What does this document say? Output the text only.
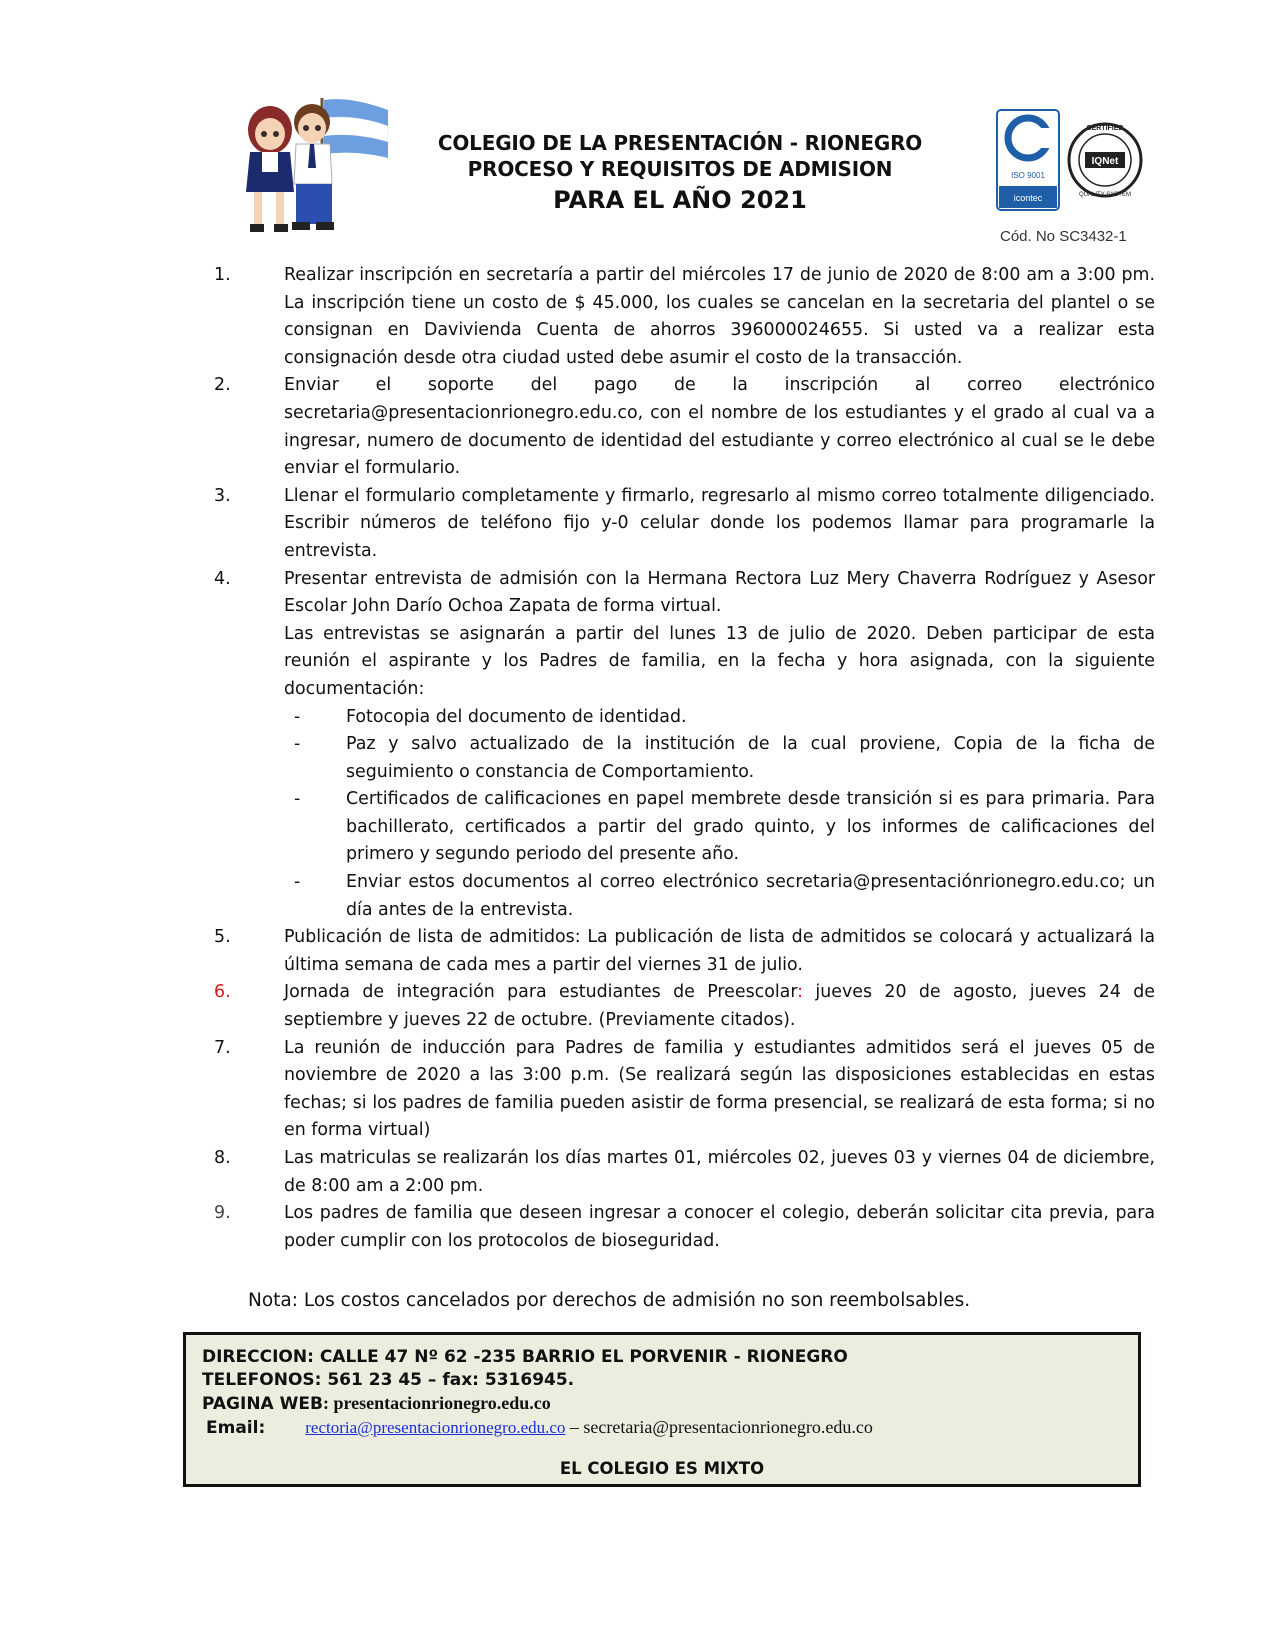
COLEGIO DE LA PRESENTACIÓN - RIONEGRO
PROCESO Y REQUISITOS DE ADMISION
PARA EL AÑO 2021
ISO 9001
icontec
CERTIFIED
IQNet
QUALITY SYSTEM
Cód. No SC3432-1
1.	Realizar inscripción en secretaría a partir del miércoles 17 de junio de 2020 de 8:00 am a 3:00 pm. La inscripción tiene un costo de $ 45.000, los cuales se cancelan en la secretaria del plantel o se consignan en Davivienda Cuenta de ahorros 396000024655. Si usted va a realizar esta consignación desde otra ciudad usted debe asumir el costo de la transacción.

2.	Enviar el soporte del pago de la inscripción al correo electrónico secretaria@presentacionrionegro.edu.co, con el nombre de los estudiantes y el grado al cual va a ingresar, numero de documento de identidad del estudiante y correo electrónico al cual se le debe enviar el formulario.

3.	Llenar el formulario completamente y firmarlo, regresarlo al mismo correo totalmente diligenciado. Escribir números de teléfono fijo y-0 celular donde los podemos llamar para programarle la entrevista.

4.	Presentar entrevista de admisión con la Hermana Rectora Luz Mery Chaverra Rodríguez y Asesor Escolar John Darío Ochoa Zapata de forma virtual.

Las entrevistas se asignarán a partir del lunes 13 de julio de 2020. Deben participar de esta reunión el aspirante y los Padres de familia, en la fecha y hora asignada, con la siguiente documentación:

-	Fotocopia del documento de identidad.
-	Paz y salvo actualizado de la institución de la cual proviene, Copia de la ficha de seguimiento o constancia de Comportamiento.
-	Certificados de calificaciones en papel membrete desde transición si es para primaria. Para bachillerato, certificados a partir del grado quinto, y los informes de calificaciones del primero y segundo periodo del presente año.
-	Enviar estos documentos al correo electrónico secretaria@presentaciónrionegro.edu.co; un día antes de la entrevista.
5.	Publicación de lista de admitidos: La publicación de lista de admitidos se colocará y actualizará la última semana de cada mes a partir del viernes 31 de julio.

6.	Jornada de integración para estudiantes de Preescolar: jueves 20 de agosto, jueves 24 de septiembre y jueves 22 de octubre. (Previamente citados).

7.	La reunión de inducción para Padres de familia y estudiantes admitidos será el jueves 05 de noviembre de 2020 a las 3:00 p.m. (Se realizará según las disposiciones establecidas en estas fechas; si los padres de familia pueden asistir de forma presencial, se realizará de esta forma; si no en forma virtual)

8.	Las matriculas se realizarán los días martes 01, miércoles 02, jueves 03 y viernes 04 de diciembre, de 8:00 am a 2:00 pm.

9.	Los padres de familia que deseen ingresar a conocer el colegio, deberán solicitar cita previa, para poder cumplir con los protocolos de bioseguridad.

Nota: Los costos cancelados por derechos de admisión no son reembolsables.
DIRECCION: CALLE 47 Nº 62 -235 BARRIO EL PORVENIR - RIONEGRO
TELEFONOS: 561 23 45 – fax: 5316945.
PAGINA WEB: presentacionrionegro.edu.co
Email: rectoria@presentacionrionegro.edu.co – secretaria@presentacionrionegro.edu.co
EL COLEGIO ES MIXTO
